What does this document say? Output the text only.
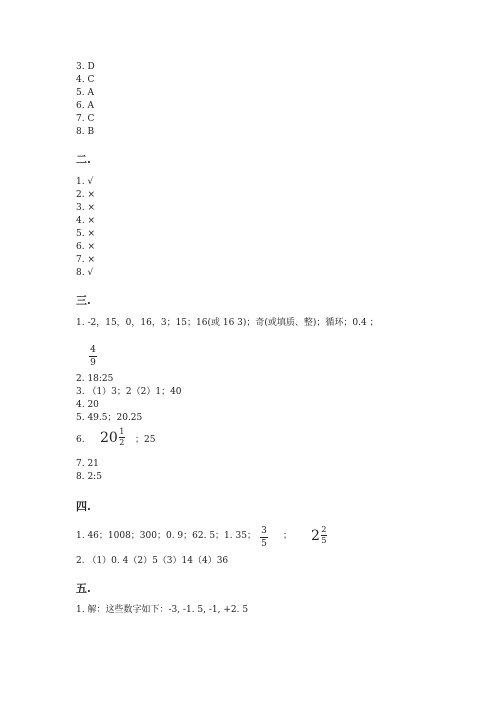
3. D
4. C
5. A
6. A
7. C
8. B
二.
1. √
2. ×
3. ×
4. ×
5. ×
6. ×
7. ×
8. √
三.
1. -2，15，0，16，3；15；16(或 16 3)；奇(或填质、整)；循环；0.4 ；
4
9
2. 18:25
3. （1）3；2（2）1；40
4. 20
5. 49.5；20.25
6. 20 1
2 ；25
7. 21
8. 2:5
四.
1. 46；1008；300；0. 9；62. 5；1. 35； 3
5
； 2 2
5
2. （1）0. 4（2）5（3）14（4）36
五.
1. 解：这些数字如下：-3, -1. 5, -1, +2. 5
